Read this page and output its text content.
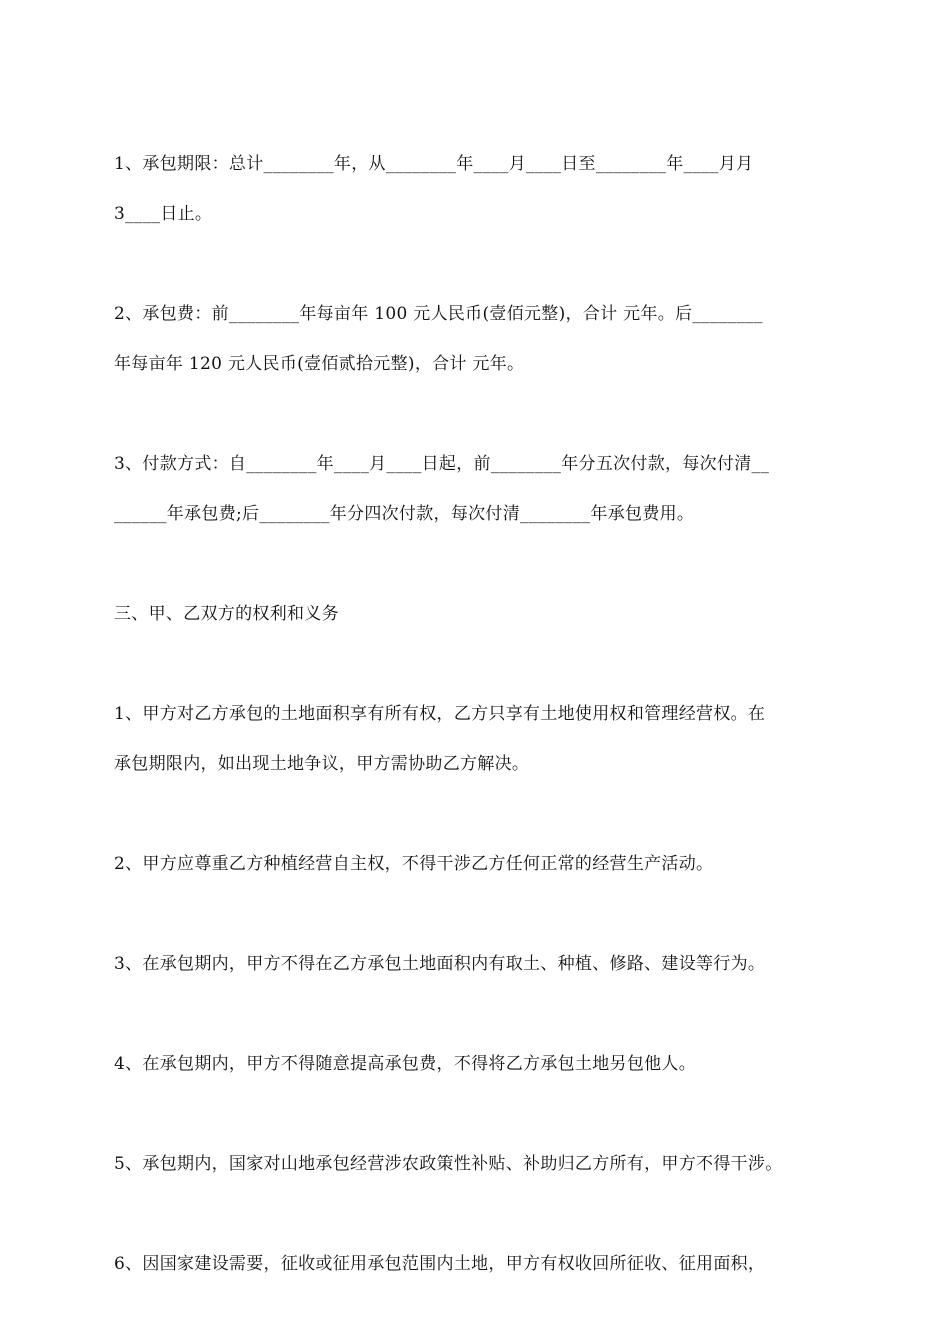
1、承包期限：总计________年，从________年____月____日至________年____月月
3____日止。
2、承包费：前________年每亩年 100 元人民币(壹佰元整)，合计 元年。后________
年每亩年 120 元人民币(壹佰贰拾元整)，合计 元年。
3、付款方式：自________年____月____日起，前________年分五次付款，每次付清__
______年承包费;后________年分四次付款，每次付清________年承包费用。
三、甲、乙双方的权利和义务
1、甲方对乙方承包的土地面积享有所有权，乙方只享有土地使用权和管理经营权。在
承包期限内，如出现土地争议，甲方需协助乙方解决。
2、甲方应尊重乙方种植经营自主权，不得干涉乙方任何正常的经营生产活动。
3、在承包期内，甲方不得在乙方承包土地面积内有取土、种植、修路、建设等行为。
4、在承包期内，甲方不得随意提高承包费，不得将乙方承包土地另包他人。
5、承包期内，国家对山地承包经营涉农政策性补贴、补助归乙方所有，甲方不得干涉。
6、因国家建设需要，征收或征用承包范围内土地，甲方有权收回所征收、征用面积，
